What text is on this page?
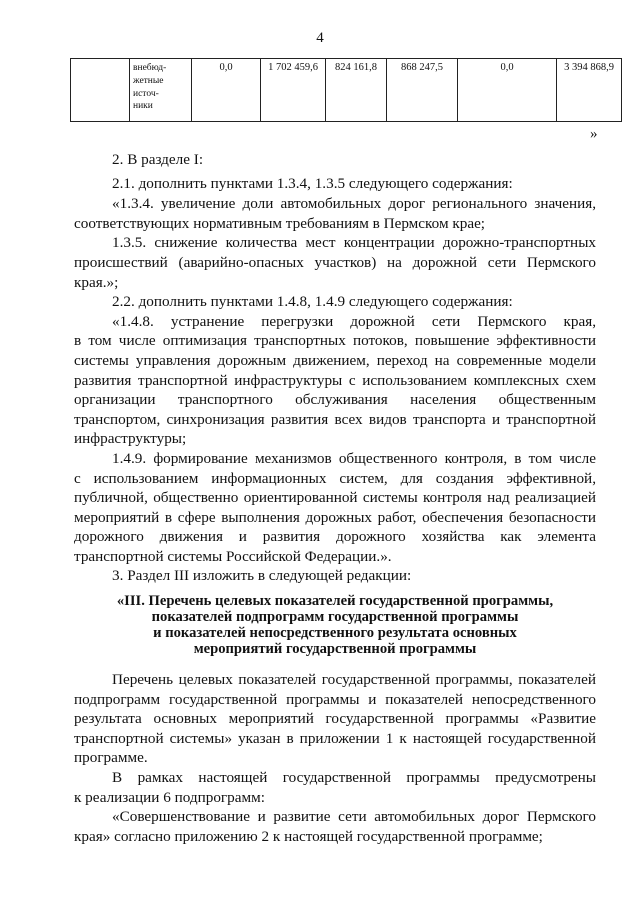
4
	внебюд-
жетные
источ-
ники	0,0	1 702 459,6	824 161,8	868 247,5	0,0	3 394 868,9
»

2. В разделе I:

2.1. дополнить пунктами 1.3.4, 1.3.5 следующего содержания:

«1.3.4. увеличение доли автомобильных дорог регионального значения,

соответствующих нормативным требованиям в Пермском крае;

1.3.5. снижение количества мест концентрации дорожно-транспортных

происшествий (аварийно-опасных участков) на дорожной сети Пермского

края.»;

2.2. дополнить пунктами 1.4.8, 1.4.9 следующего содержания:

«1.4.8. устранение перегрузки дорожной сети Пермского края,

в том числе оптимизация транспортных потоков, повышение эффективности

системы управления дорожным движением, переход на современные модели

развития транспортной инфраструктуры с использованием комплексных схем

организации транспортного обслуживания населения общественным

транспортом, синхронизация развития всех видов транспорта и транспортной

инфраструктуры;

1.4.9. формирование механизмов общественного контроля, в том числе

с использованием информационных систем, для создания эффективной,

публичной, общественно ориентированной системы контроля над реализацией

мероприятий в сфере выполнения дорожных работ, обеспечения безопасности

дорожного движения и развития дорожного хозяйства как элемента

транспортной системы Российской Федерации.».

3. Раздел III изложить в следующей редакции:

«III. Перечень целевых показателей государственной программы,

показателей подпрограмм государственной программы

и показателей непосредственного результата основных

мероприятий государственной программы

Перечень целевых показателей государственной программы, показателей

подпрограмм государственной программы и показателей непосредственного

результата основных мероприятий государственной программы «Развитие

транспортной системы» указан в приложении 1 к настоящей государственной

программе.

В рамках настоящей государственной программы предусмотрены

к реализации 6 подпрограмм:

«Совершенствование и развитие сети автомобильных дорог Пермского

края» согласно приложению 2 к настоящей государственной программе;
